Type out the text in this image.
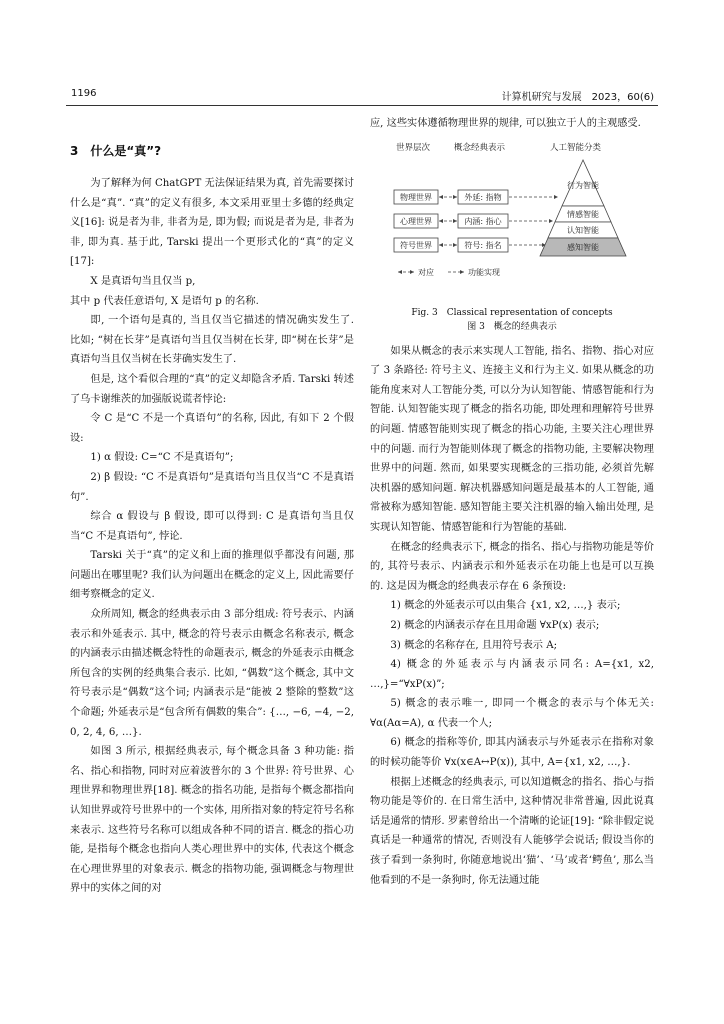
1196	计算机研究与发展　2023，60(6)

3　什么是“真”?

为了解释为何 ChatGPT 无法保证结果为真, 首先需要探讨什么是“真”. “真”的定义有很多, 本文采用亚里士多德的经典定义[16]: 说是者为非, 非者为是, 即为假; 而说是者为是, 非者为非, 即为真. 基于此, Tarski 提出一个更形式化的“真”的定义[17]:

X 是真语句当且仅当 p,

其中 p 代表任意语句, X 是语句 p 的名称.

即, 一个语句是真的, 当且仅当它描述的情况确实发生了. 比如; “树在长芽”是真语句当且仅当树在长芽, 即“树在长芽”是真语句当且仅当树在长芽确实发生了.

但是, 这个看似合理的“真”的定义却隐含矛盾. Tarski 转述了乌卡谢维茨的加强版说谎者悖论:

令 C 是“C 不是一个真语句”的名称, 因此, 有如下 2 个假设:

1) α 假设: C=“C 不是真语句”;

2) β 假设: “C 不是真语句”是真语句当且仅当“C 不是真语句”.

综合 α 假设与 β 假设, 即可以得到: C 是真语句当且仅当“C 不是真语句”, 悖论.

Tarski 关于“真”的定义和上面的推理似乎都没有问题, 那问题出在哪里呢? 我们认为问题出在概念的定义上, 因此需要仔细考察概念的定义.

众所周知, 概念的经典表示由 3 部分组成: 符号表示、内涵表示和外延表示. 其中, 概念的符号表示由概念名称表示, 概念的内涵表示由描述概念特性的命题表示, 概念的外延表示由概念所包含的实例的经典集合表示. 比如, “偶数”这个概念, 其中文符号表示是“偶数”这个词; 内涵表示是“能被 2 整除的整数”这个命题; 外延表示是“包含所有偶数的集合”: {…, −6, −4, −2, 0, 2, 4, 6, …}.

如图 3 所示, 根据经典表示, 每个概念具备 3 种功能: 指名、指心和指物, 同时对应着波普尔的 3 个世界: 符号世界、心理世界和物理世界[18]. 概念的指名功能, 是指每个概念都指向认知世界或符号世界中的一个实体, 用所指对象的特定符号名称来表示. 这些符号名称可以组成各种不同的语言. 概念的指心功能, 是指每个概念也指向人类心理世界中的实体, 代表这个概念在心理世界里的对象表示. 概念的指物功能, 强调概念与物理世界中的实体之间的对

应, 这些实体遵循物理世界的规律, 可以独立于人的主观感受.

世界层次	概念经典表示	人工智能分类
物理世界
心理世界
符号世界
外延: 指物
内涵: 指心
符号: 指名
行为智能
情感智能
认知智能
感知智能
对应	功能实现

Fig. 3　Classical representation of concepts

图 3　概念的经典表示

如果从概念的表示来实现人工智能, 指名、指物、指心对应了 3 条路径: 符号主义、连接主义和行为主义. 如果从概念的功能角度来对人工智能分类, 可以分为认知智能、情感智能和行为智能. 认知智能实现了概念的指名功能, 即处理和理解符号世界的问题. 情感智能则实现了概念的指心功能, 主要关注心理世界中的问题. 而行为智能则体现了概念的指物功能, 主要解决物理世界中的问题. 然而, 如果要实现概念的三指功能, 必须首先解决机器的感知问题. 解决机器感知问题是最基本的人工智能, 通常被称为感知智能. 感知智能主要关注机器的输入输出处理, 是实现认知智能、情感智能和行为智能的基础.

在概念的经典表示下, 概念的指名、指心与指物功能是等价的, 其符号表示、内涵表示和外延表示在功能上也是可以互换的. 这是因为概念的经典表示存在 6 条预设:

1) 概念的外延表示可以由集合 {x1, x2, …,} 表示;

2) 概念的内涵表示存在且用命题 ∀xP(x) 表示;

3) 概念的名称存在, 且用符号表示 A;

4) 概念的外延表示与内涵表示同名: A={x1, x2, …,}=“∀xP(x)”;

5) 概念的表示唯一, 即同一个概念的表示与个体无关: ∀α(Aα=A), α 代表一个人;

6) 概念的指称等价, 即其内涵表示与外延表示在指称对象的时候功能等价 ∀x(x∈A↔P(x)), 其中, A={x1, x2, …,}.

根据上述概念的经典表示, 可以知道概念的指名、指心与指物功能是等价的. 在日常生活中, 这种情况非常普遍, 因此说真话是通常的情形. 罗素曾给出一个清晰的论证[19]: “除非假定说真话是一种通常的情况, 否则没有人能够学会说话; 假设当你的孩子看到一条狗时, 你随意地说出‘猫’、‘马’或者‘鳄鱼’, 那么当他看到的不是一条狗时, 你无法通过能
